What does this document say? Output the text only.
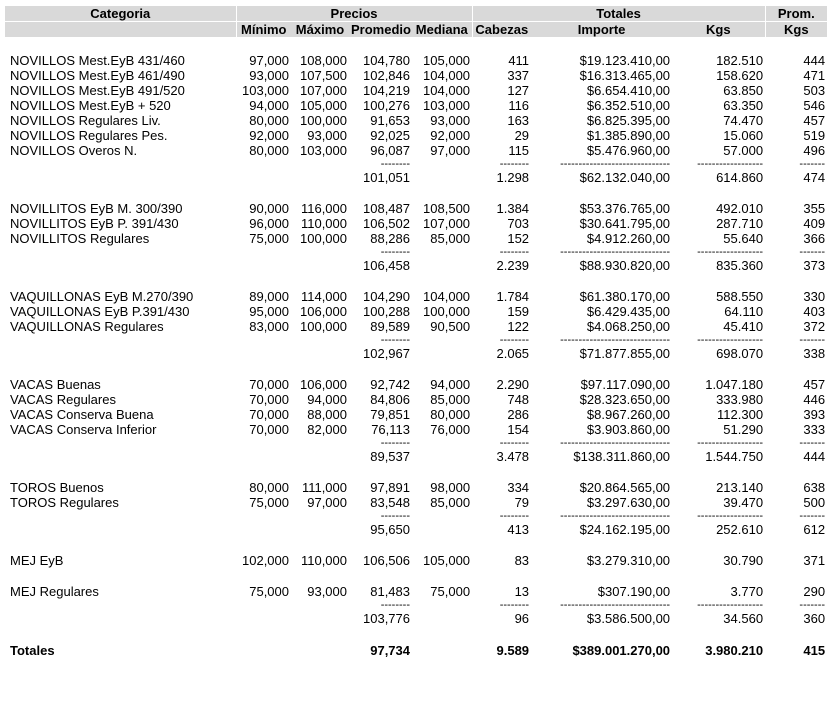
Categoria	Precios				Totales			Prom.
	Mínimo	Máximo	Promedio	Mediana	Cabezas	Importe	Kgs	Kgs

NOVILLOS Mest.EyB 431/460	97,000	108,000	104,780	105,000	411	$19.123.410,00	182.510	444
NOVILLOS Mest.EyB 461/490	93,000	107,500	102,846	104,000	337	$16.313.465,00	158.620	471
NOVILLOS Mest.EyB 491/520	103,000	107,000	104,219	104,000	127	$6.654.410,00	63.850	503
NOVILLOS Mest.EyB + 520	94,000	105,000	100,276	103,000	116	$6.352.510,00	63.350	546
NOVILLOS Regulares Liv.	80,000	100,000	91,653	93,000	163	$6.825.395,00	74.470	457
NOVILLOS Regulares Pes.	92,000	93,000	92,025	92,000	29	$1.385.890,00	15.060	519
NOVILLOS Overos N.	80,000	103,000	96,087	97,000	115	$5.476.960,00	57.000	496
			--------		--------	------------------------------	------------------	-------
			101,051		1.298	$62.132.040,00	614.860	474

NOVILLITOS EyB M. 300/390	90,000	116,000	108,487	108,500	1.384	$53.376.765,00	492.010	355
NOVILLITOS EyB P. 391/430	96,000	110,000	106,502	107,000	703	$30.641.795,00	287.710	409
NOVILLITOS Regulares	75,000	100,000	88,286	85,000	152	$4.912.260,00	55.640	366
			--------		--------	------------------------------	------------------	-------
			106,458		2.239	$88.930.820,00	835.360	373

VAQUILLONAS EyB M.270/390	89,000	114,000	104,290	104,000	1.784	$61.380.170,00	588.550	330
VAQUILLONAS EyB P.391/430	95,000	106,000	100,288	100,000	159	$6.429.435,00	64.110	403
VAQUILLONAS Regulares	83,000	100,000	89,589	90,500	122	$4.068.250,00	45.410	372
			--------		--------	------------------------------	------------------	-------
			102,967		2.065	$71.877.855,00	698.070	338

VACAS Buenas	70,000	106,000	92,742	94,000	2.290	$97.117.090,00	1.047.180	457
VACAS Regulares	70,000	94,000	84,806	85,000	748	$28.323.650,00	333.980	446
VACAS Conserva Buena	70,000	88,000	79,851	80,000	286	$8.967.260,00	112.300	393
VACAS Conserva Inferior	70,000	82,000	76,113	76,000	154	$3.903.860,00	51.290	333
			--------		--------	------------------------------	------------------	-------
			89,537		3.478	$138.311.860,00	1.544.750	444

TOROS Buenos	80,000	111,000	97,891	98,000	334	$20.864.565,00	213.140	638
TOROS Regulares	75,000	97,000	83,548	85,000	79	$3.297.630,00	39.470	500
			--------		--------	------------------------------	------------------	-------
			95,650		413	$24.162.195,00	252.610	612

MEJ EyB	102,000	110,000	106,506	105,000	83	$3.279.310,00	30.790	371

MEJ Regulares	75,000	93,000	81,483	75,000	13	$307.190,00	3.770	290
			--------		--------	------------------------------	------------------	-------
			103,776		96	$3.586.500,00	34.560	360

Totales			97,734		9.589	$389.001.270,00	3.980.210	415
